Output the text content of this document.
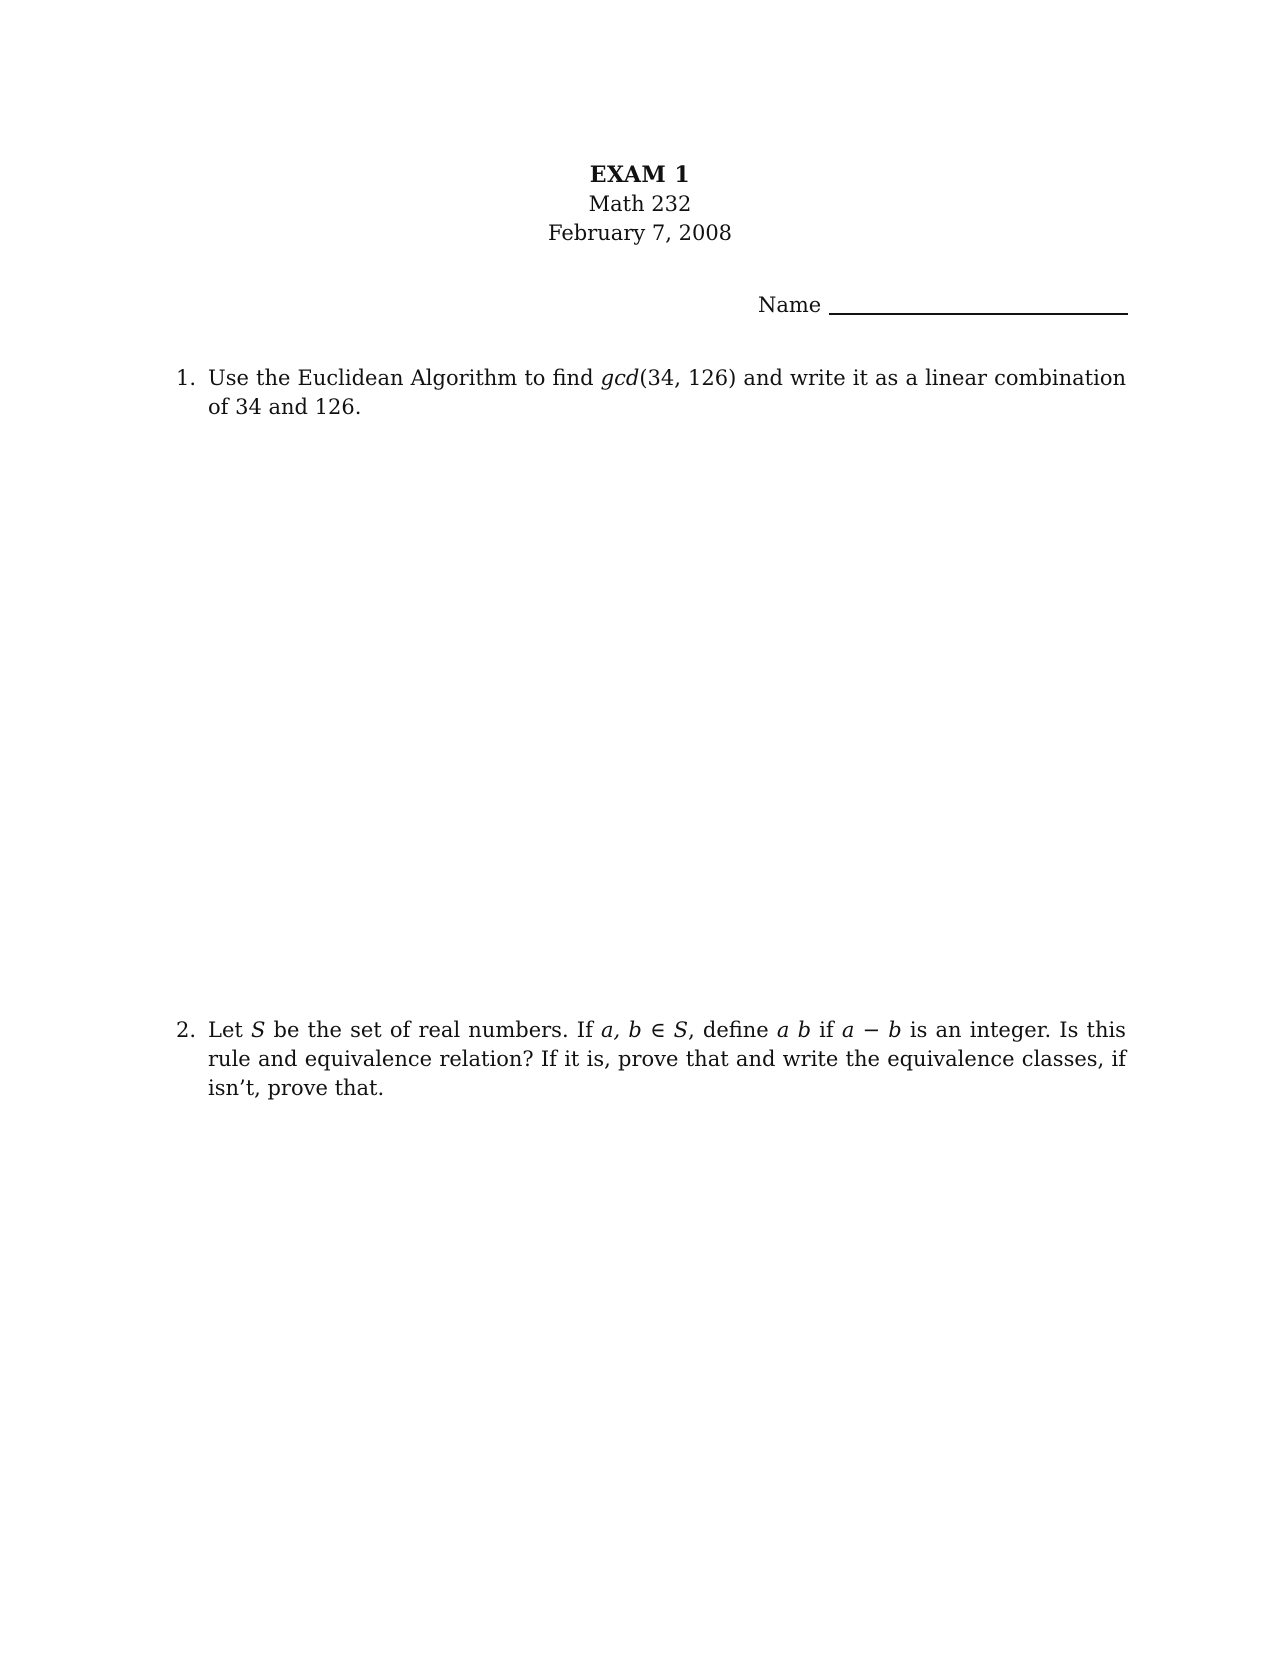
EXAM 1
Math 232
February 7, 2008
Name
1. Use the Euclidean Algorithm to find gcd(34, 126) and write it as a linear combination of 34 and 126.
2. Let S be the set of real numbers. If a, b ∈ S, define a b if a − b is an integer. Is this rule and equivalence relation? If it is, prove that and write the equivalence classes, if isn’t, prove that.
